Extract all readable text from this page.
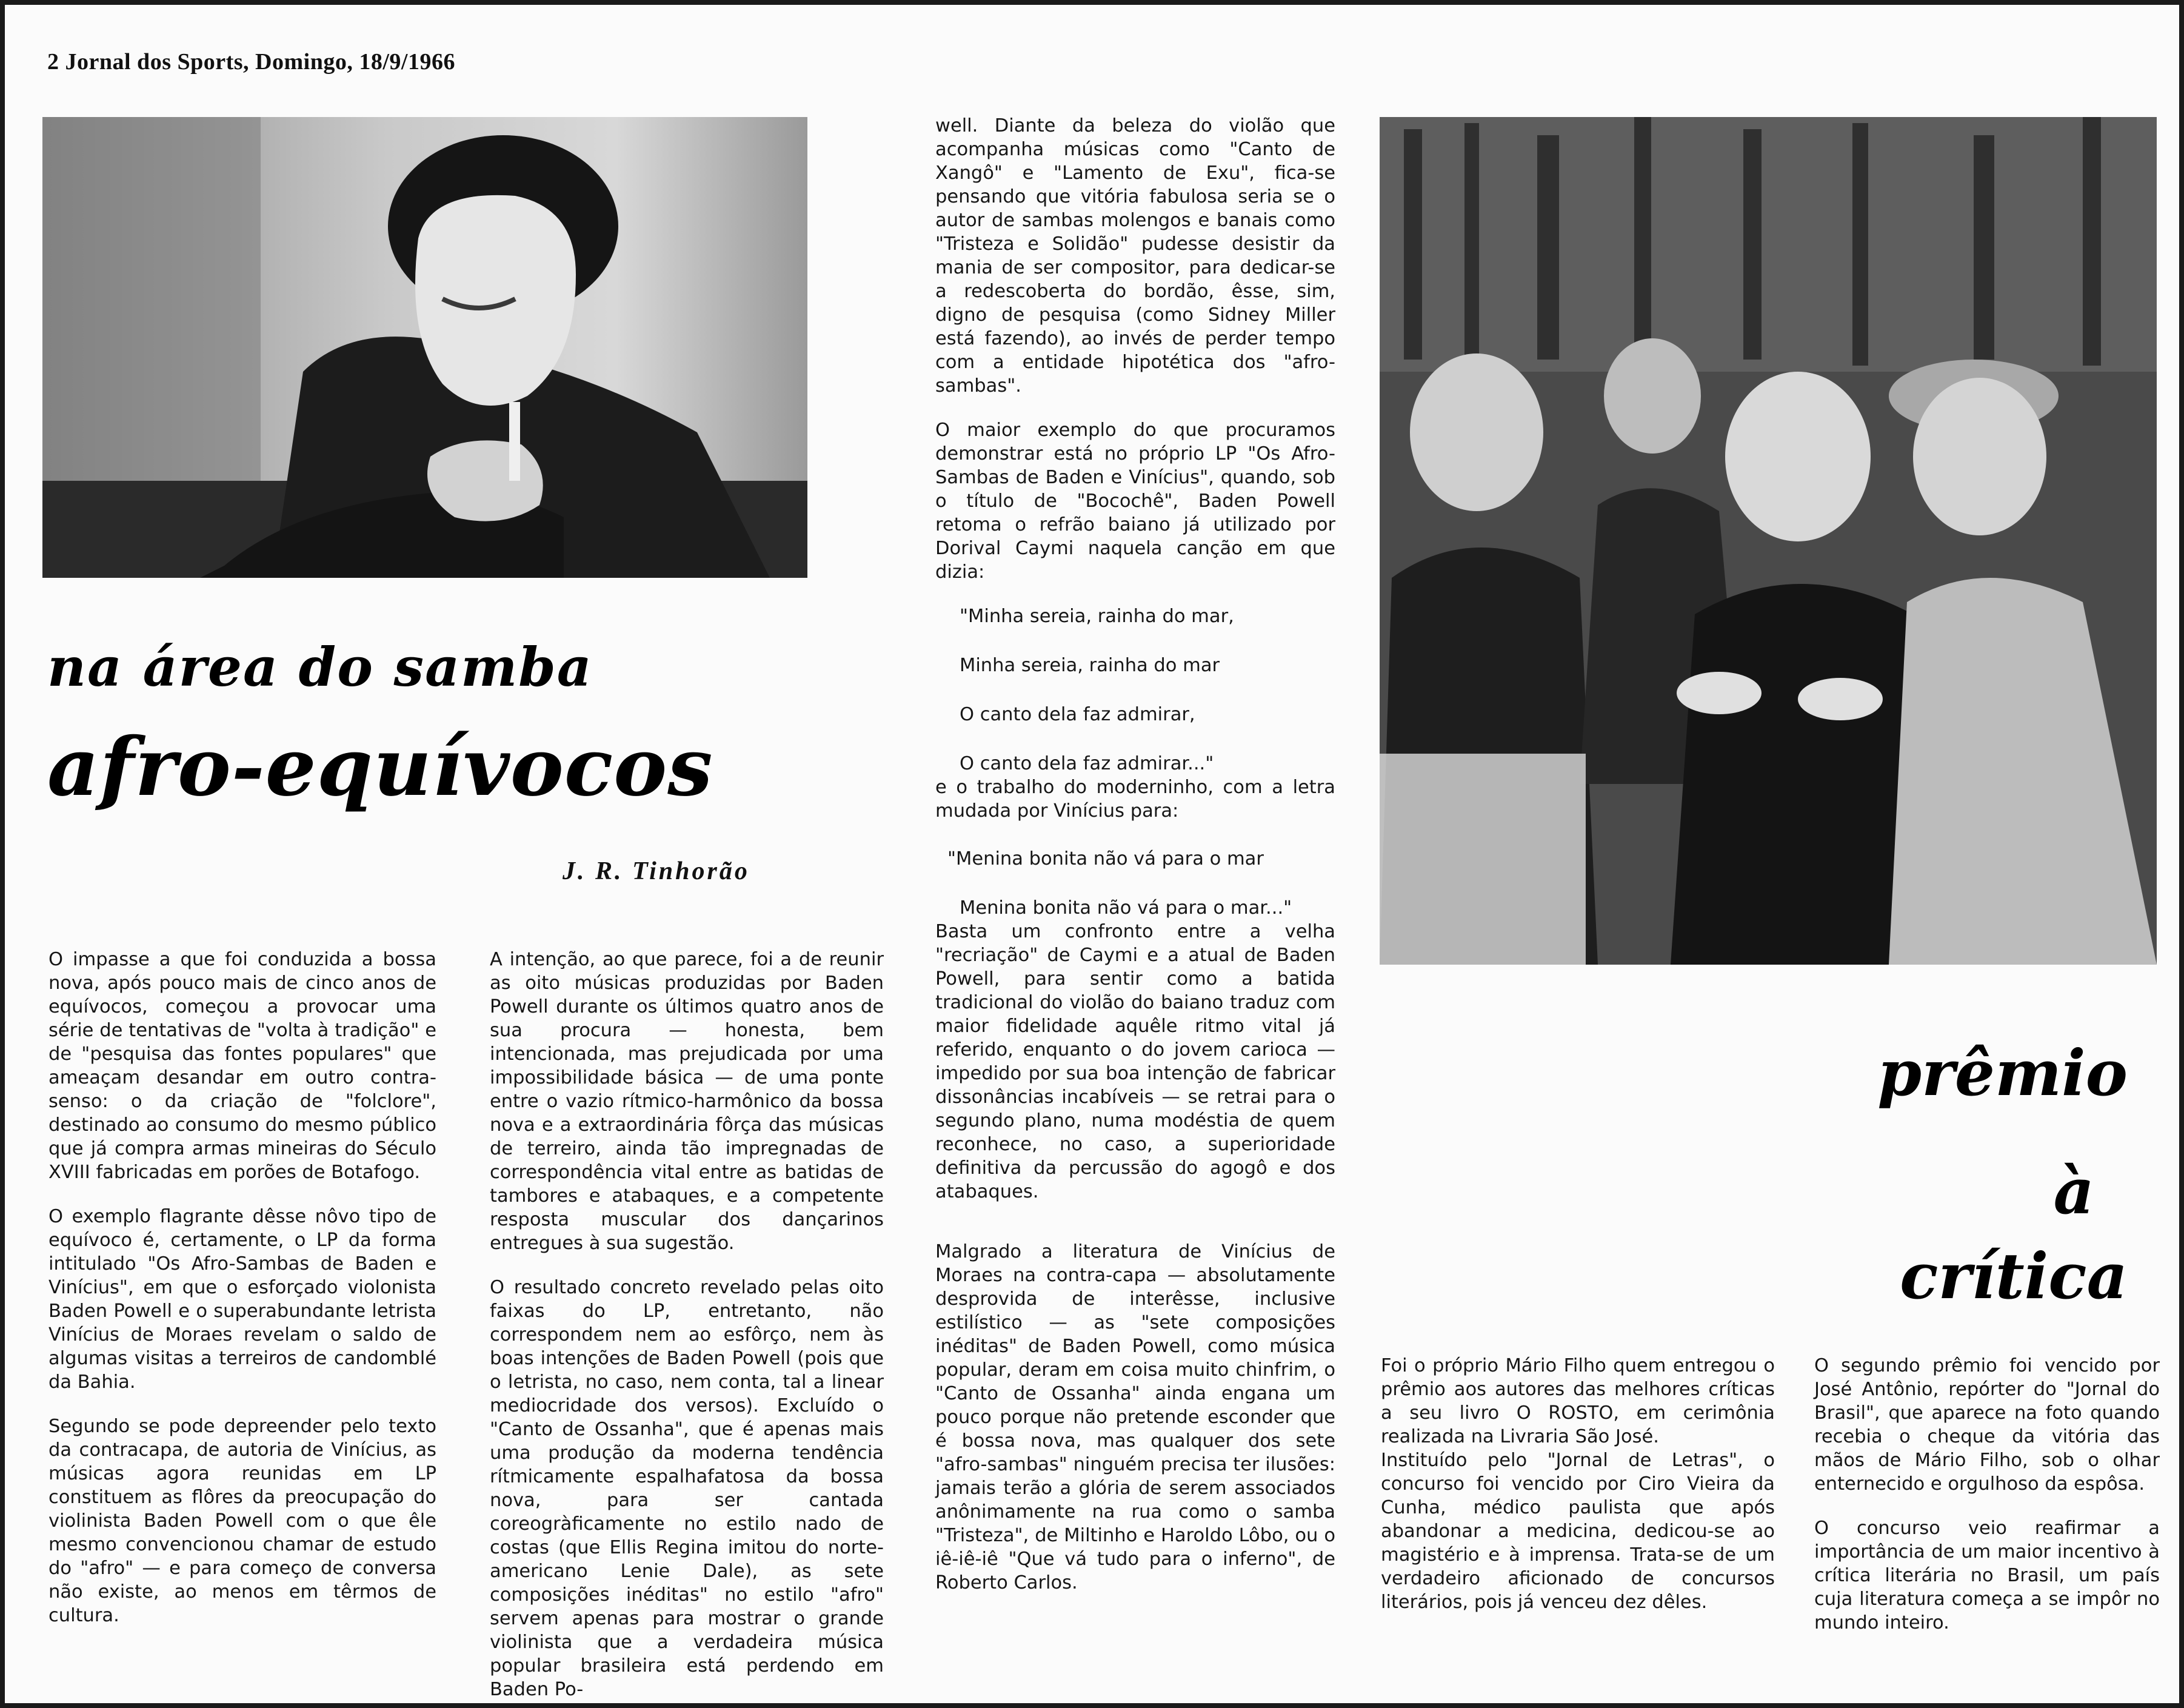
2 Jornal dos Sports, Domingo, 18/9/1966
na área do samba
afro-equívocos
J. R. Tinhorão

O impasse a que foi conduzida a bossa nova, após pouco mais de cinco anos de equívocos, começou a provocar uma série de tentativas de "volta à tradição" e de "pesquisa das fontes populares" que ameaçam desandar em outro contra-senso: o da criação de "folclore", destinado ao consumo do mesmo público que já compra armas mineiras do Século XVIII fabricadas em porões de Botafogo.

O exemplo flagrante dêsse nôvo tipo de equívoco é, certamente, o LP da forma intitulado "Os Afro-Sambas de Baden e Vinícius", em que o esforçado violonista Baden Powell e o superabundante letrista Vinícius de Moraes revelam o saldo de algumas visitas a terreiros de candomblé da Bahia.

Segundo se pode depreender pelo texto da contracapa, de autoria de Vinícius, as músicas agora reunidas em LP constituem as flôres da preocupação do violinista Baden Powell com o que êle mesmo convencionou chamar de estudo do "afro" — e para começo de conversa não existe, ao menos em têrmos de cultura.

A intenção, ao que parece, foi a de reunir as oito músicas produzidas por Baden Powell durante os últimos quatro anos de sua procura — honesta, bem intencionada, mas prejudicada por uma impossibilidade básica — de uma ponte entre o vazio rítmico-harmônico da bossa nova e a extraordinária fôrça das músicas de terreiro, ainda tão impregnadas de correspondência vital entre as batidas de tambores e atabaques, e a competente resposta muscular dos dançarinos entregues à sua sugestão.

O resultado concreto revelado pelas oito faixas do LP, entretanto, não correspondem nem ao esfôrço, nem às boas intenções de Baden Powell (pois que o letrista, no caso, nem conta, tal a linear mediocridade dos versos). Excluído o "Canto de Ossanha", que é apenas mais uma produção da moderna tendência rítmicamente espalhafatosa da bossa nova, para ser cantada coreogràficamente no estilo nado de costas (que Ellis Regina imitou do norte-americano Lenie Dale), as sete composições inéditas" no estilo "afro" servem apenas para mostrar o grande violinista que a verdadeira música popular brasileira está perdendo em Baden Po-

well. Diante da beleza do violão que acompanha músicas como "Canto de Xangô" e "Lamento de Exu", fica-se pensando que vitória fabulosa seria se o autor de sambas molengos e banais como "Tristeza e Solidão" pudesse desistir da mania de ser compositor, para dedicar-se a redescoberta do bordão, êsse, sim, digno de pesquisa (como Sidney Miller está fazendo), ao invés de perder tempo com a entidade hipotética dos "afro-sambas".

O maior exemplo do que procuramos demonstrar está no próprio LP "Os Afro-Sambas de Baden e Vinícius", quando, sob o título de "Bocochê", Baden Powell retoma o refrão baiano já utilizado por Dorival Caymi naquela canção em que dizia:

"Minha sereia, rainha do mar,

Minha sereia, rainha do mar

O canto dela faz admirar,

O canto dela faz admirar..."

e o trabalho do moderninho, com a letra mudada por Vinícius para:

"Menina bonita não vá para o mar

Menina bonita não vá para o mar..."

Basta um confronto entre a velha "recriação" de Caymi e a atual de Baden Powell, para sentir como a batida tradicional do violão do baiano traduz com maior fidelidade aquêle ritmo vital já referido, enquanto o do jovem carioca — impedido por sua boa intenção de fabricar dissonâncias incabíveis — se retrai para o segundo plano, numa modéstia de quem reconhece, no caso, a superioridade definitiva da percussão do agogô e dos atabaques.

Malgrado a literatura de Vinícius de Moraes na contra-capa — absolutamente desprovida de interêsse, inclusive estilístico — as "sete composições inéditas" de Baden Powell, como música popular, deram em coisa muito chinfrim, o "Canto de Ossanha" ainda engana um pouco porque não pretende esconder que é bossa nova, mas qualquer dos sete "afro-sambas" ninguém precisa ter ilusões: jamais terão a glória de serem associados anônimamente na rua como o samba "Tristeza", de Miltinho e Haroldo Lôbo, ou o iê-iê-iê "Que vá tudo para o inferno", de Roberto Carlos.

prêmio
à
crítica

Foi o próprio Mário Filho quem entregou o prêmio aos autores das melhores críticas a seu livro O ROSTO, em cerimônia realizada na Livraria São José.

Instituído pelo "Jornal de Letras", o concurso foi vencido por Ciro Vieira da Cunha, médico paulista que após abandonar a medicina, dedicou-se ao magistério e à imprensa. Trata-se de um verdadeiro aficionado de concursos literários, pois já venceu dez dêles.

O segundo prêmio foi vencido por José Antônio, repórter do "Jornal do Brasil", que aparece na foto quando recebia o cheque da vitória das mãos de Mário Filho, sob o olhar enternecido e orgulhoso da espôsa.

O concurso veio reafirmar a importância de um maior incentivo à crítica literária no Brasil, um país cuja literatura começa a se impôr no mundo inteiro.
